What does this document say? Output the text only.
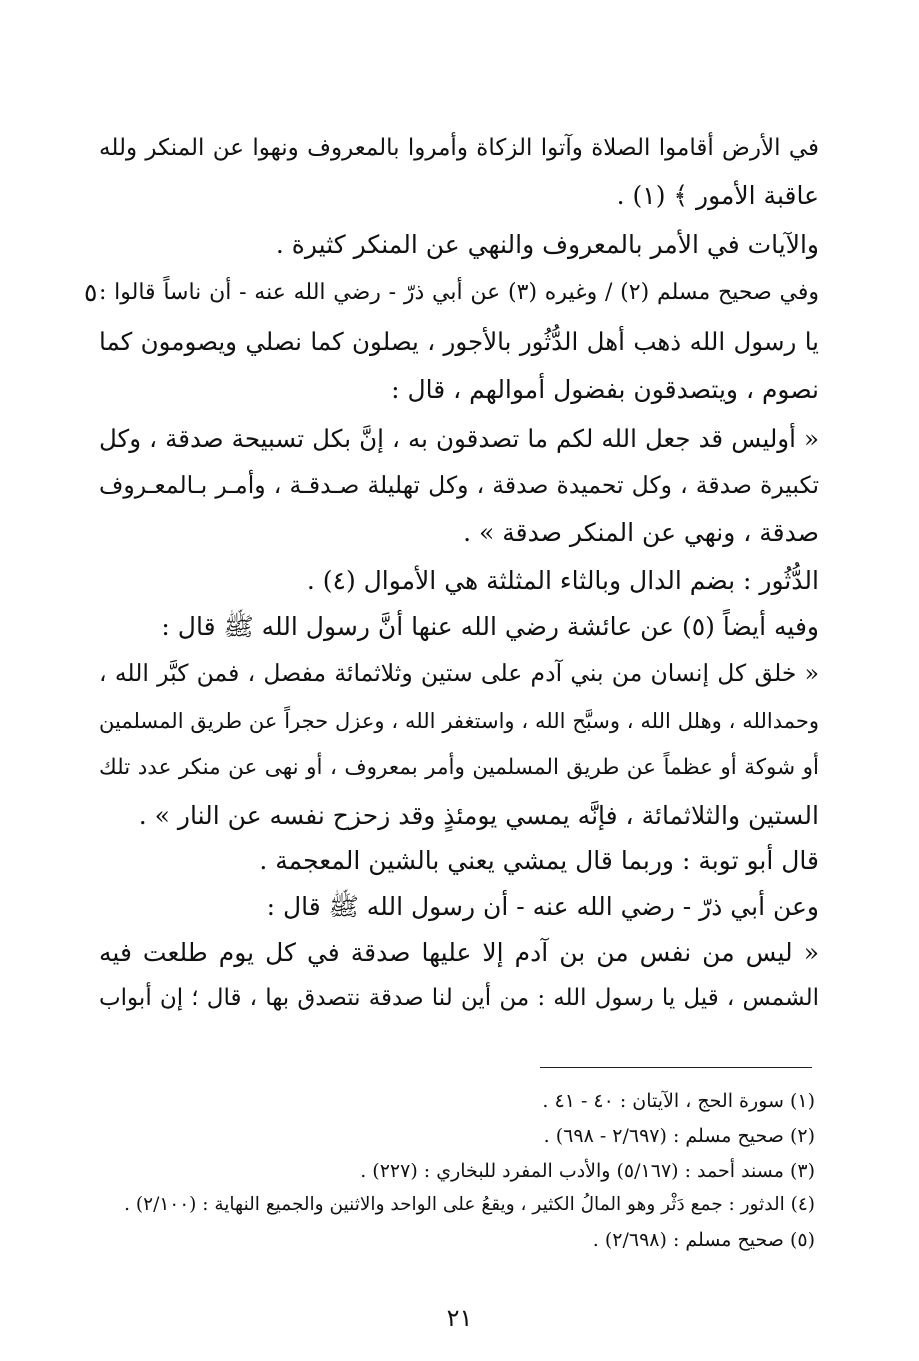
في الأرض أقاموا الصلاة وآتوا الزكاة وأمروا بالمعروف ونهوا عن المنكر ولله
عاقبة الأمور ﴾ (١) .
والآيات في الأمر بالمعروف والنهي عن المنكر كثيرة .
وفي صحيح مسلم (٢) / وغيره (٣) عن أبي ذرّ - رضي الله عنه - أن ناساً قالوا :
٥
يا رسول الله ذهب أهل الدُّثُور بالأجور ، يصلون كما نصلي ويصومون كما
نصوم ، ويتصدقون بفضول أموالهم ، قال :
« أوليس قد جعل الله لكم ما تصدقون به ، إنَّ بكل تسبيحة صدقة ، وكل
تكبيرة صدقة ، وكل تحميدة صدقة ، وكل تهليلة صـدقـة ، وأمـر بـالمعـروف
صدقة ، ونهي عن المنكر صدقة » .
الدُّثُور : بضم الدال وبالثاء المثلثة هي الأموال (٤) .
وفيه أيضاً (٥) عن عائشة رضي الله عنها أنَّ رسول الله ﷺ قال :
« خلق كل إنسان من بني آدم على ستين وثلاثمائة مفصل ، فمن كبَّر الله ،
وحمدالله ، وهلل الله ، وسبَّح الله ، واستغفر الله ، وعزل حجراً عن طريق المسلمين
أو شوكة أو عظماً عن طريق المسلمين وأمر بمعروف ، أو نهى عن منكر عدد تلك
الستين والثلاثمائة ، فإنَّه يمسي يومئذٍ وقد زحزح نفسه عن النار » .
قال أبو توبة : وربما قال يمشي يعني بالشين المعجمة .
وعن أبي ذرّ - رضي الله عنه - أن رسول الله ﷺ قال :
« ليس من نفس من بن آدم إلا عليها صدقة في كل يوم طلعت فيه
الشمس ، قيل يا رسول الله : من أين لنا صدقة نتصدق بها ، قال ؛ إن أبواب
(١) سورة الحج ، الآيتان : ٤٠ - ٤١ .
(٢) صحيح مسلم : (٢/٦٩٧ - ٦٩٨) .
(٣) مسند أحمد : (٥/١٦٧) والأدب المفرد للبخاري : (٢٢٧) .
(٤) الدثور : جمع دَثْر وهو المالُ الكثير ، ويقعُ على الواحد والاثنين والجميع النهاية : (٢/١٠٠) .
(٥) صحيح مسلم : (٢/٦٩٨) .
٢١
